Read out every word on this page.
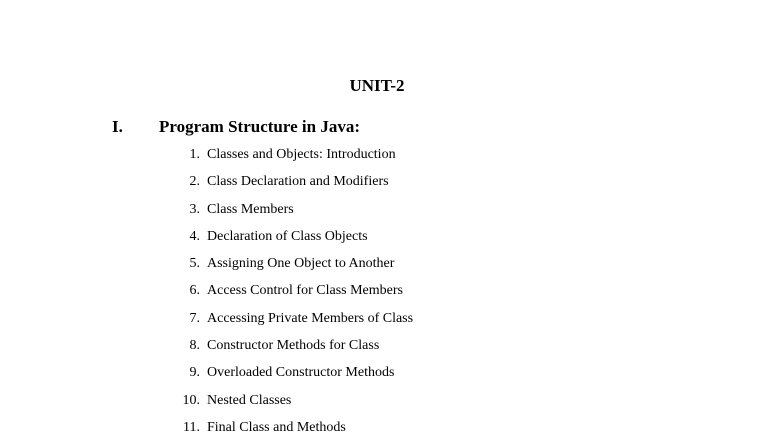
UNIT-2
I. Program Structure in Java:
1. Classes and Objects: Introduction
2. Class Declaration and Modifiers
3. Class Members
4. Declaration of Class Objects
5. Assigning One Object to Another
6. Access Control for Class Members
7. Accessing Private Members of Class
8. Constructor Methods for Class
9. Overloaded Constructor Methods
10. Nested Classes
11. Final Class and Methods
